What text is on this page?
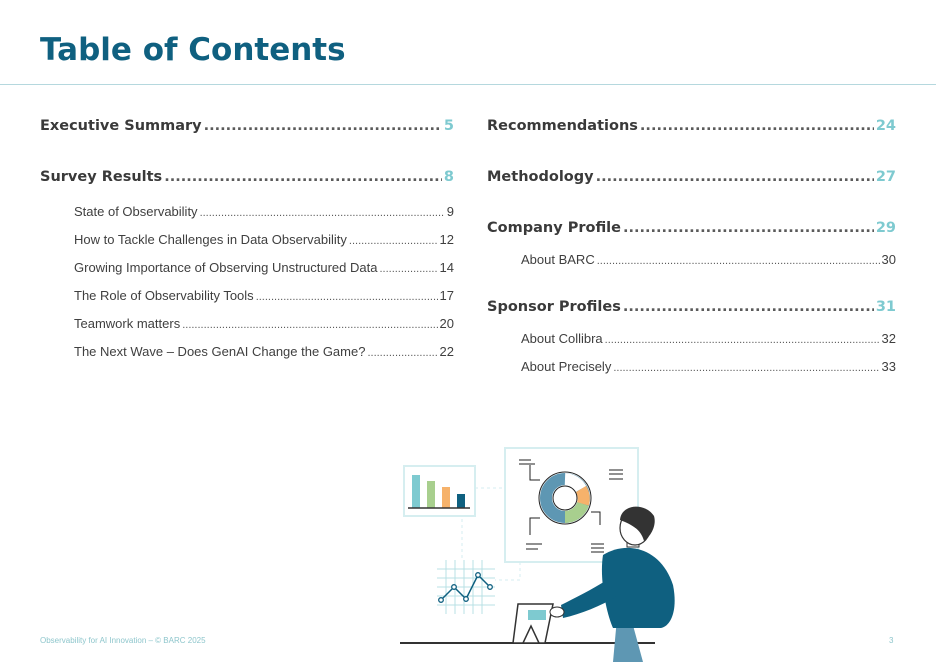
Table of Contents
Executive Summary .....	5
Survey Results .....	8
State of Observability .....	9
How to Tackle Challenges in Data Observability .....	12
Growing Importance of Observing Unstructured Data .....	14
The Role of Observability Tools .....	17
Teamwork matters .....	20
The Next Wave – Does GenAI Change the Game? .....	22
Recommendations .....	24
Methodology .....	27
Company Profile .....	29
About BARC .....	30
Sponsor Profiles .....	31
About Collibra .....	32
About Precisely .....	33
Observability for AI Innovation – © BARC 2025	3
